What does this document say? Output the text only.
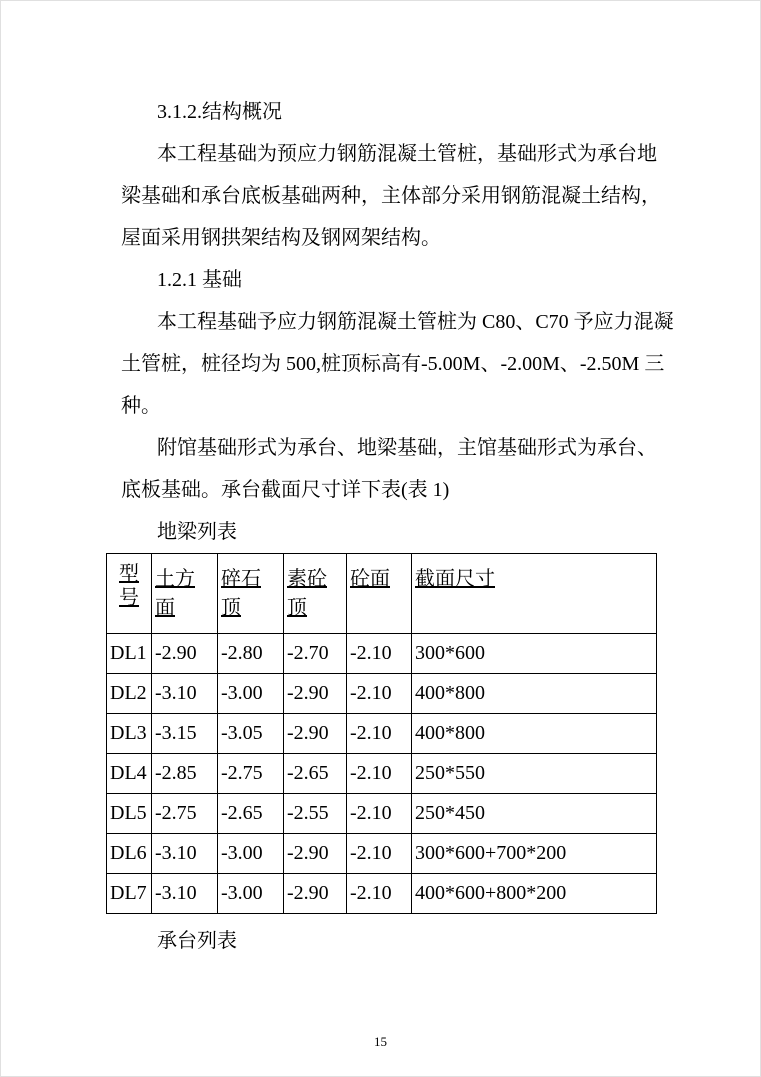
3.1.2.结构概况
本工程基础为预应力钢筋混凝土管桩，基础形式为承台地
梁基础和承台底板基础两种，主体部分采用钢筋混凝土结构，
屋面采用钢拱架结构及钢网架结构。
1.2.1 基础
本工程基础予应力钢筋混凝土管桩为 C80、C70 予应力混凝
土管桩，桩径均为 500,桩顶标高有-5.00M、-2.00M、-2.50M 三
种。
附馆基础形式为承台、地梁基础，主馆基础形式为承台、
底板基础。承台截面尺寸详下表(表 1)
地梁列表
型号	土方 面	碎石 顶	素砼 顶	砼面	截面尺寸
DL1	-2.90	-2.80	-2.70	-2.10	300*600
DL2	-3.10	-3.00	-2.90	-2.10	400*800
DL3	-3.15	-3.05	-2.90	-2.10	400*800
DL4	-2.85	-2.75	-2.65	-2.10	250*550
DL5	-2.75	-2.65	-2.55	-2.10	250*450
DL6	-3.10	-3.00	-2.90	-2.10	300*600+700*200
DL7	-3.10	-3.00	-2.90	-2.10	400*600+800*200
承台列表
15
